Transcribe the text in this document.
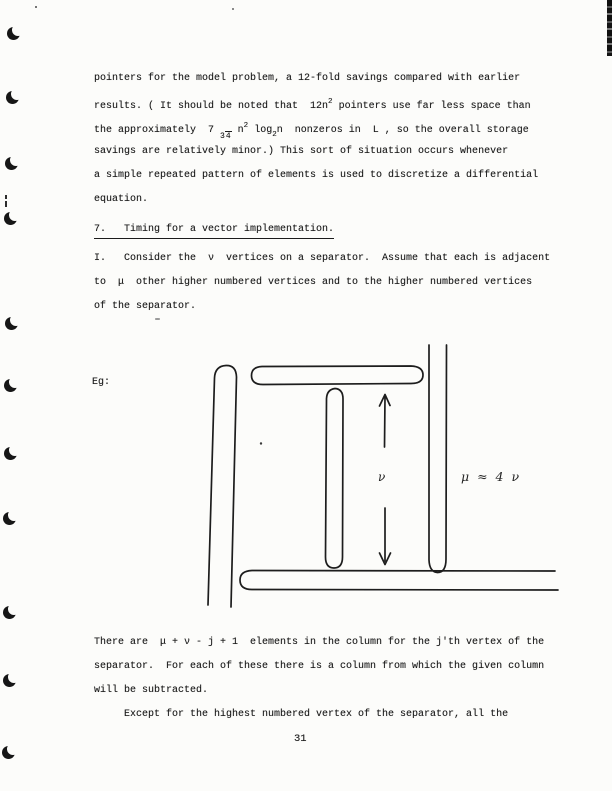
pointers for the model problem, a 12-fold savings compared with earlier
results. ( It should be noted that  $12n^2$ pointers use far less space than
the approximately  7 34 $n^2$ $\log_2n$  nonzeros in  L , so the overall storage
savings are relatively minor.) This sort of situation occurs whenever
a simple repeated pattern of elements is used to discretize a differential
equation.
7.   Timing for a vector implementation.
I.   Consider the  ν  vertices on a separator.  Assume that each is adjacent
to  μ  other higher numbered vertices and to the higher numbered vertices
of the separator.
Eg:
ν	μ ≈ 4 ν
There are  μ + ν - j + 1  elements in the column for the j'th vertex of the
separator.  For each of these there is a column from which the given column
will be subtracted.
Except for the highest numbered vertex of the separator, all the
31
